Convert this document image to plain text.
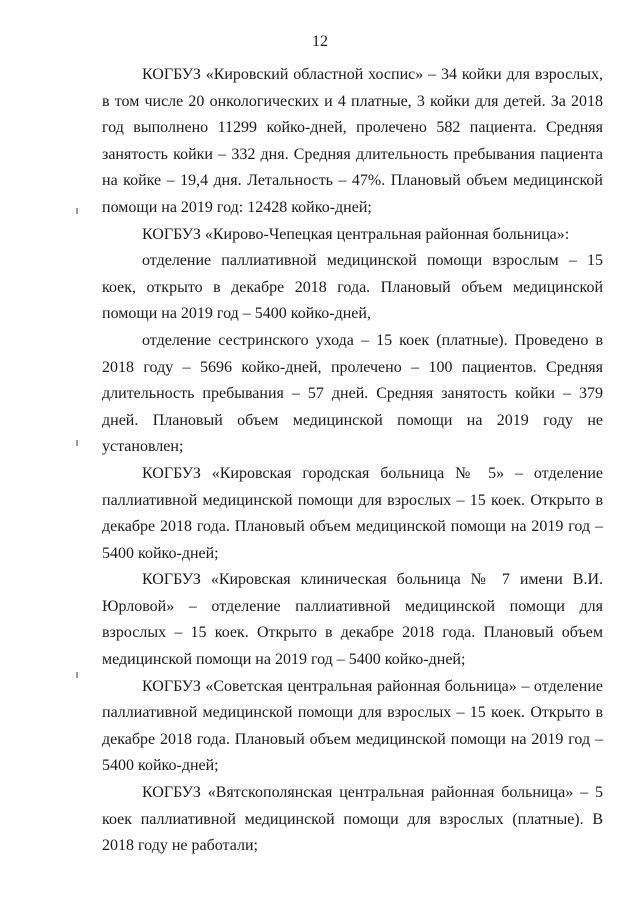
12

КОГБУЗ «Кировский областной хоспис» – 34 койки для взрослых, в том числе 20 онкологических и 4 платные, 3 койки для детей. За 2018 год выполнено 11299 койко-дней, пролечено 582 пациента. Средняя занятость койки – 332 дня. Средняя длительность пребывания пациента на койке – 19,4 дня. Летальность – 47%. Плановый объем медицинской помощи на 2019 год: 12428 койко-дней;

КОГБУЗ «Кирово-Чепецкая центральная районная больница»:

отделение паллиативной медицинской помощи взрослым – 15 коек, открыто в декабре 2018 года. Плановый объем медицинской помощи на 2019 год – 5400 койко-дней,

отделение сестринского ухода – 15 коек (платные). Проведено в 2018 году – 5696 койко-дней, пролечено – 100 пациентов. Средняя длительность пребывания – 57 дней. Средняя занятость койки – 379 дней. Плановый объем медицинской помощи на 2019 году не установлен;

КОГБУЗ «Кировская городская больница № 5» – отделение паллиативной медицинской помощи для взрослых – 15 коек. Открыто в декабре 2018 года. Плановый объем медицинской помощи на 2019 год – 5400 койко-дней;

КОГБУЗ «Кировская клиническая больница № 7 имени В.И. Юрловой» – отделение паллиативной медицинской помощи для взрослых – 15 коек. Открыто в декабре 2018 года. Плановый объем медицинской помощи на 2019 год – 5400 койко-дней;

КОГБУЗ «Советская центральная районная больница» – отделение паллиативной медицинской помощи для взрослых – 15 коек. Открыто в декабре 2018 года. Плановый объем медицинской помощи на 2019 год – 5400 койко-дней;

КОГБУЗ «Вятскополянская центральная районная больница» – 5 коек паллиативной медицинской помощи для взрослых (платные). В 2018 году не работали;
